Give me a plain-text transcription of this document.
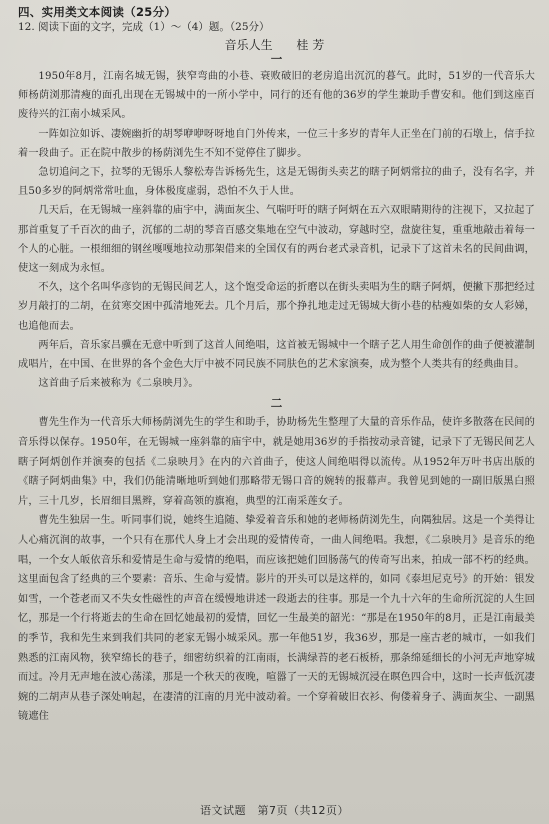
四、实用类文本阅读（25分）

12. 阅读下面的文字，完成（1）～（4）题。（25分）

音乐人生 桂芳

一

1950年8月，江南名城无锡，狭窄弯曲的小巷、衰败破旧的老房追出沉沉的暮气。此时，51岁的一代音乐大师杨荫浏那清瘦的面孔出现在无锡城中的一所小学中，同行的还有他的36岁的学生兼助手曹安和。他们到这座百废待兴的江南小城采风。

一阵如泣如诉、凄婉幽折的胡琴咿咿呀呀地自门外传来，一位三十多岁的青年人正坐在门前的石墩上，信手拉着一段曲子。正在院中散步的杨荫浏先生不知不觉停住了脚步。

急切追问之下，拉琴的无锡乐人黎松寿告诉杨先生，这是无锡街头卖艺的瞎子阿炳常拉的曲子，没有名字，并且50多岁的阿炳常常吐血，身体极度虚弱，恐怕不久于人世。

几天后，在无锡城一座斜靠的庙宇中，满面灰尘、气喘吁吁的瞎子阿炳在五六双眼睛期待的注视下，又拉起了那首重复了千百次的曲子，沉郁的二胡的琴音百感交集地在空气中波动，穿越时空，盘旋往复，重重地敲击着每一个人的心脏。一根细细的钢丝嘎嘎地拉动那架借来的全国仅有的两台老式录音机，记录下了这首未名的民间曲调，使这一刻成为永恒。

不久，这个名叫华彦钧的无锡民间艺人，这个饱受命运的折磨以在街头卖唱为生的瞎子阿炳，便撇下那把经过岁月敲打的二胡，在贫寒交困中孤清地死去。几个月后，那个挣扎地走过无锡城大街小巷的枯瘦如柴的女人彩娣，也追他而去。

两年后，音乐家吕骥在无意中听到了这首人间绝唱，这首被无锡城中一个瞎子艺人用生命创作的曲子便被灌制成唱片，在中国、在世界的各个金色大厅中被不同民族不同肤色的艺术家演奏，成为整个人类共有的经典曲目。

这首曲子后来被称为《二泉映月》。

二

曹先生作为一代音乐大师杨荫浏先生的学生和助手，协助杨先生整理了大量的音乐作品，使许多散落在民间的音乐得以保存。1950年，在无锡城一座斜靠的庙宇中，就是她用36岁的手指按动录音键，记录下了无锡民间艺人瞎子阿炳创作并演奏的包括《二泉映月》在内的六首曲子，使这人间绝唱得以流传。从1952年万叶书店出版的《瞎子阿炳曲集》中，我们仍能清晰地听到她们那略带无锡口音的婉转的报幕声。我曾见到她的一副旧版黑白照片，三十几岁，长眉细目黑辫，穿着高领的旗袍，典型的江南采莲女子。

曹先生独居一生。听同事们说，她终生追随、挚爱着音乐和她的老师杨荫浏先生，向隅独居。这是一个美得让人心痛沉润的故事，一个只有在那代人身上才会出现的爱情传奇，一曲人间绝唱。我想，《二泉映月》是音乐的绝唱，一个女人皈依音乐和爱情是生命与爱情的绝唱，而应该把她们回肠荡气的传奇写出来，拍成一部不朽的经典。这里面包含了经典的三个要素：音乐、生命与爱情。影片的开头可以是这样的，如同《泰坦尼克号》的开始：银发如雪，一个苍老而又不失女性磁性的声音在缓慢地讲述一段逝去的往事。那是一个九十六年的生命所沉淀的人生回忆，那是一个行将逝去的生命在回忆她最初的爱情，回忆一生最美的韶光：“那是在1950年的8月，正是江南最美的季节，我和先生来到我们共同的老家无锡小城采风。那一年他51岁，我36岁，那是一座古老的城市，一如我们熟悉的江南风物，狭窄绵长的巷子，细密纺织着的江南雨，长满绿苔的老石板桥，那条绵延细长的小河无声地穿城而过。冷月无声地在波心荡漾，那是一个秋天的夜晚，喧嚣了一天的无锡城沉浸在暝色四合中，这时一长声低沉凄婉的二胡声从巷子深处响起，在凄清的江南的月光中波动着。一个穿着破旧衣衫、佝偻着身子、满面灰尘、一副黑镜遮住

语文试题　第7页（共12页）
